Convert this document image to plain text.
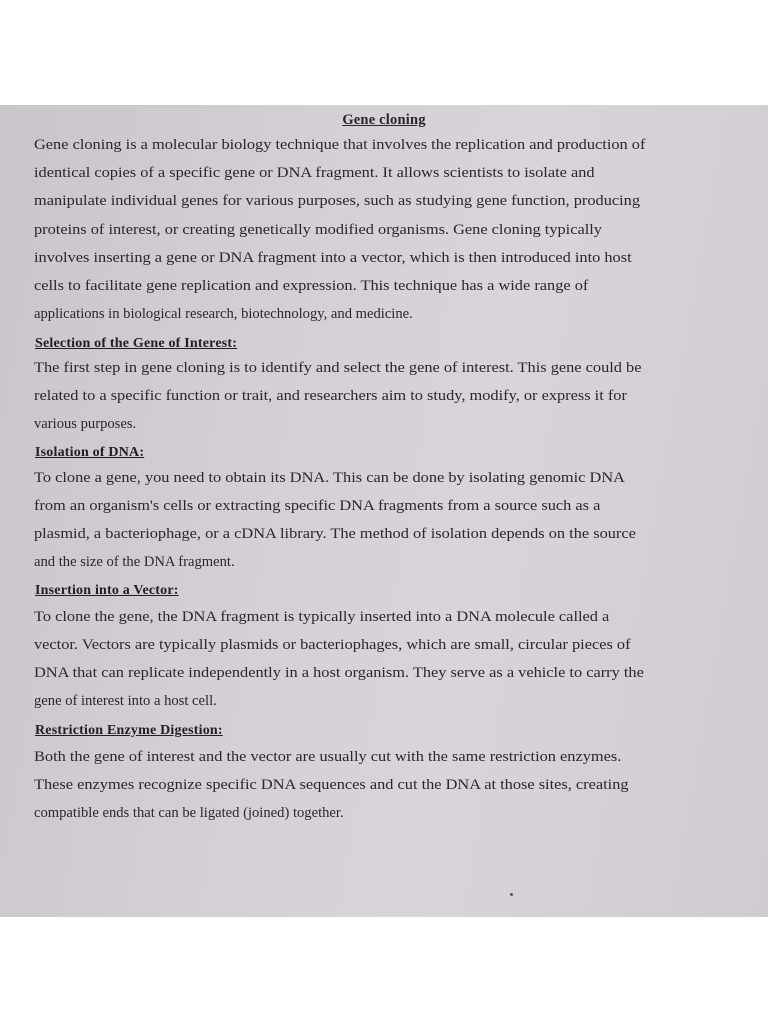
Gene cloning
Gene cloning is a molecular biology technique that involves the replication and production of
identical copies of a specific gene or DNA fragment. It allows scientists to isolate and
manipulate individual genes for various purposes, such as studying gene function, producing
proteins of interest, or creating genetically modified organisms. Gene cloning typically
involves inserting a gene or DNA fragment into a vector, which is then introduced into host
cells to facilitate gene replication and expression. This technique has a wide range of
applications in biological research, biotechnology, and medicine.
Selection of the Gene of Interest:
The first step in gene cloning is to identify and select the gene of interest. This gene could be
related to a specific function or trait, and researchers aim to study, modify, or express it for
various purposes.
Isolation of DNA:
To clone a gene, you need to obtain its DNA. This can be done by isolating genomic DNA
from an organism's cells or extracting specific DNA fragments from a source such as a
plasmid, a bacteriophage, or a cDNA library. The method of isolation depends on the source
and the size of the DNA fragment.
Insertion into a Vector:
To clone the gene, the DNA fragment is typically inserted into a DNA molecule called a
vector. Vectors are typically plasmids or bacteriophages, which are small, circular pieces of
DNA that can replicate independently in a host organism. They serve as a vehicle to carry the
gene of interest into a host cell.
Restriction Enzyme Digestion:
Both the gene of interest and the vector are usually cut with the same restriction enzymes.
These enzymes recognize specific DNA sequences and cut the DNA at those sites, creating
compatible ends that can be ligated (joined) together.
